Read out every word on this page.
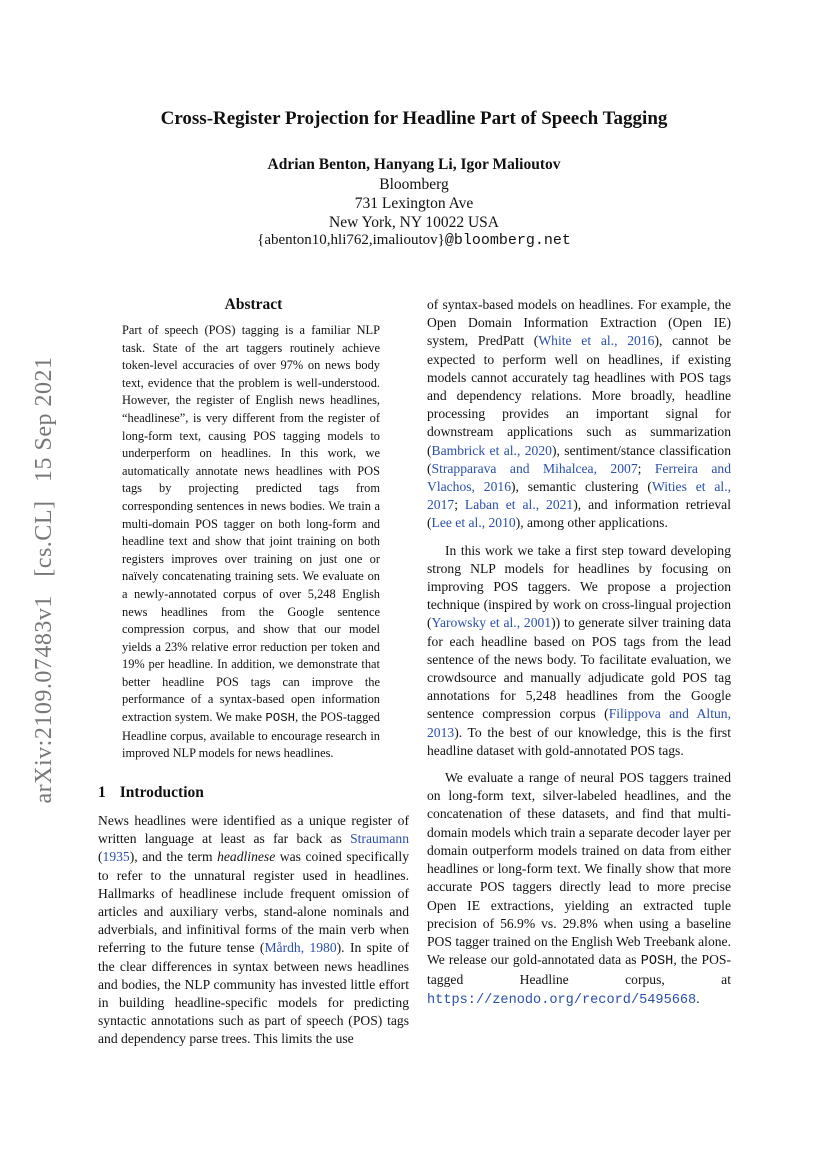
arXiv:2109.07483v1 [cs.CL] 15 Sep 2021
Cross-Register Projection for Headline Part of Speech Tagging
Adrian Benton, Hanyang Li, Igor Malioutov
Bloomberg
731 Lexington Ave
New York, NY 10022 USA
{abenton10,hli762,imalioutov}@bloomberg.net
Abstract
Part of speech (POS) tagging is a familiar NLP task. State of the art taggers routinely achieve token-level accuracies of over 97% on news body text, evidence that the problem is well-understood. However, the register of English news headlines, “headlinese”, is very different from the register of long-form text, causing POS tagging models to underperform on headlines. In this work, we automatically annotate news headlines with POS tags by projecting predicted tags from corresponding sentences in news bodies. We train a multi-domain POS tagger on both long-form and headline text and show that joint training on both registers improves over training on just one or naïvely concatenating training sets. We evaluate on a newly-annotated corpus of over 5,248 English news headlines from the Google sentence compression corpus, and show that our model yields a 23% relative error reduction per token and 19% per headline. In addition, we demonstrate that better headline POS tags can improve the performance of a syntax-based open information extraction system. We make POSH, the POS-tagged Headline corpus, available to encourage research in improved NLP models for news headlines.
1 Introduction
News headlines were identified as a unique register of written language at least as far back as Straumann (1935), and the term headlinese was coined specifically to refer to the unnatural register used in headlines. Hallmarks of headlinese include frequent omission of articles and auxiliary verbs, stand-alone nominals and adverbials, and infinitival forms of the main verb when referring to the future tense (Mårdh, 1980). In spite of the clear differences in syntax between news headlines and bodies, the NLP community has invested little effort in building headline-specific models for predicting syntactic annotations such as part of speech (POS) tags and dependency parse trees. This limits the use

of syntax-based models on headlines. For example, the Open Domain Information Extraction (Open IE) system, PredPatt (White et al., 2016), cannot be expected to perform well on headlines, if existing models cannot accurately tag headlines with POS tags and dependency relations. More broadly, headline processing provides an important signal for downstream applications such as summarization (Bambrick et al., 2020), sentiment/stance classification (Strapparava and Mihalcea, 2007; Ferreira and Vlachos, 2016), semantic clustering (Wities et al., 2017; Laban et al., 2021), and information retrieval (Lee et al., 2010), among other applications.

In this work we take a first step toward developing strong NLP models for headlines by focusing on improving POS taggers. We propose a projection technique (inspired by work on cross-lingual projection (Yarowsky et al., 2001)) to generate silver training data for each headline based on POS tags from the lead sentence of the news body. To facilitate evaluation, we crowdsource and manually adjudicate gold POS tag annotations for 5,248 headlines from the Google sentence compression corpus (Filippova and Altun, 2013). To the best of our knowledge, this is the first headline dataset with gold-annotated POS tags.

We evaluate a range of neural POS taggers trained on long-form text, silver-labeled headlines, and the concatenation of these datasets, and find that multi-domain models which train a separate decoder layer per domain outperform models trained on data from either headlines or long-form text. We finally show that more accurate POS taggers directly lead to more precise Open IE extractions, yielding an extracted tuple precision of 56.9% vs. 29.8% when using a baseline POS tagger trained on the English Web Treebank alone. We release our gold-annotated data as POSH, the POS-tagged Headline corpus, at https://zenodo.org/record/5495668.
